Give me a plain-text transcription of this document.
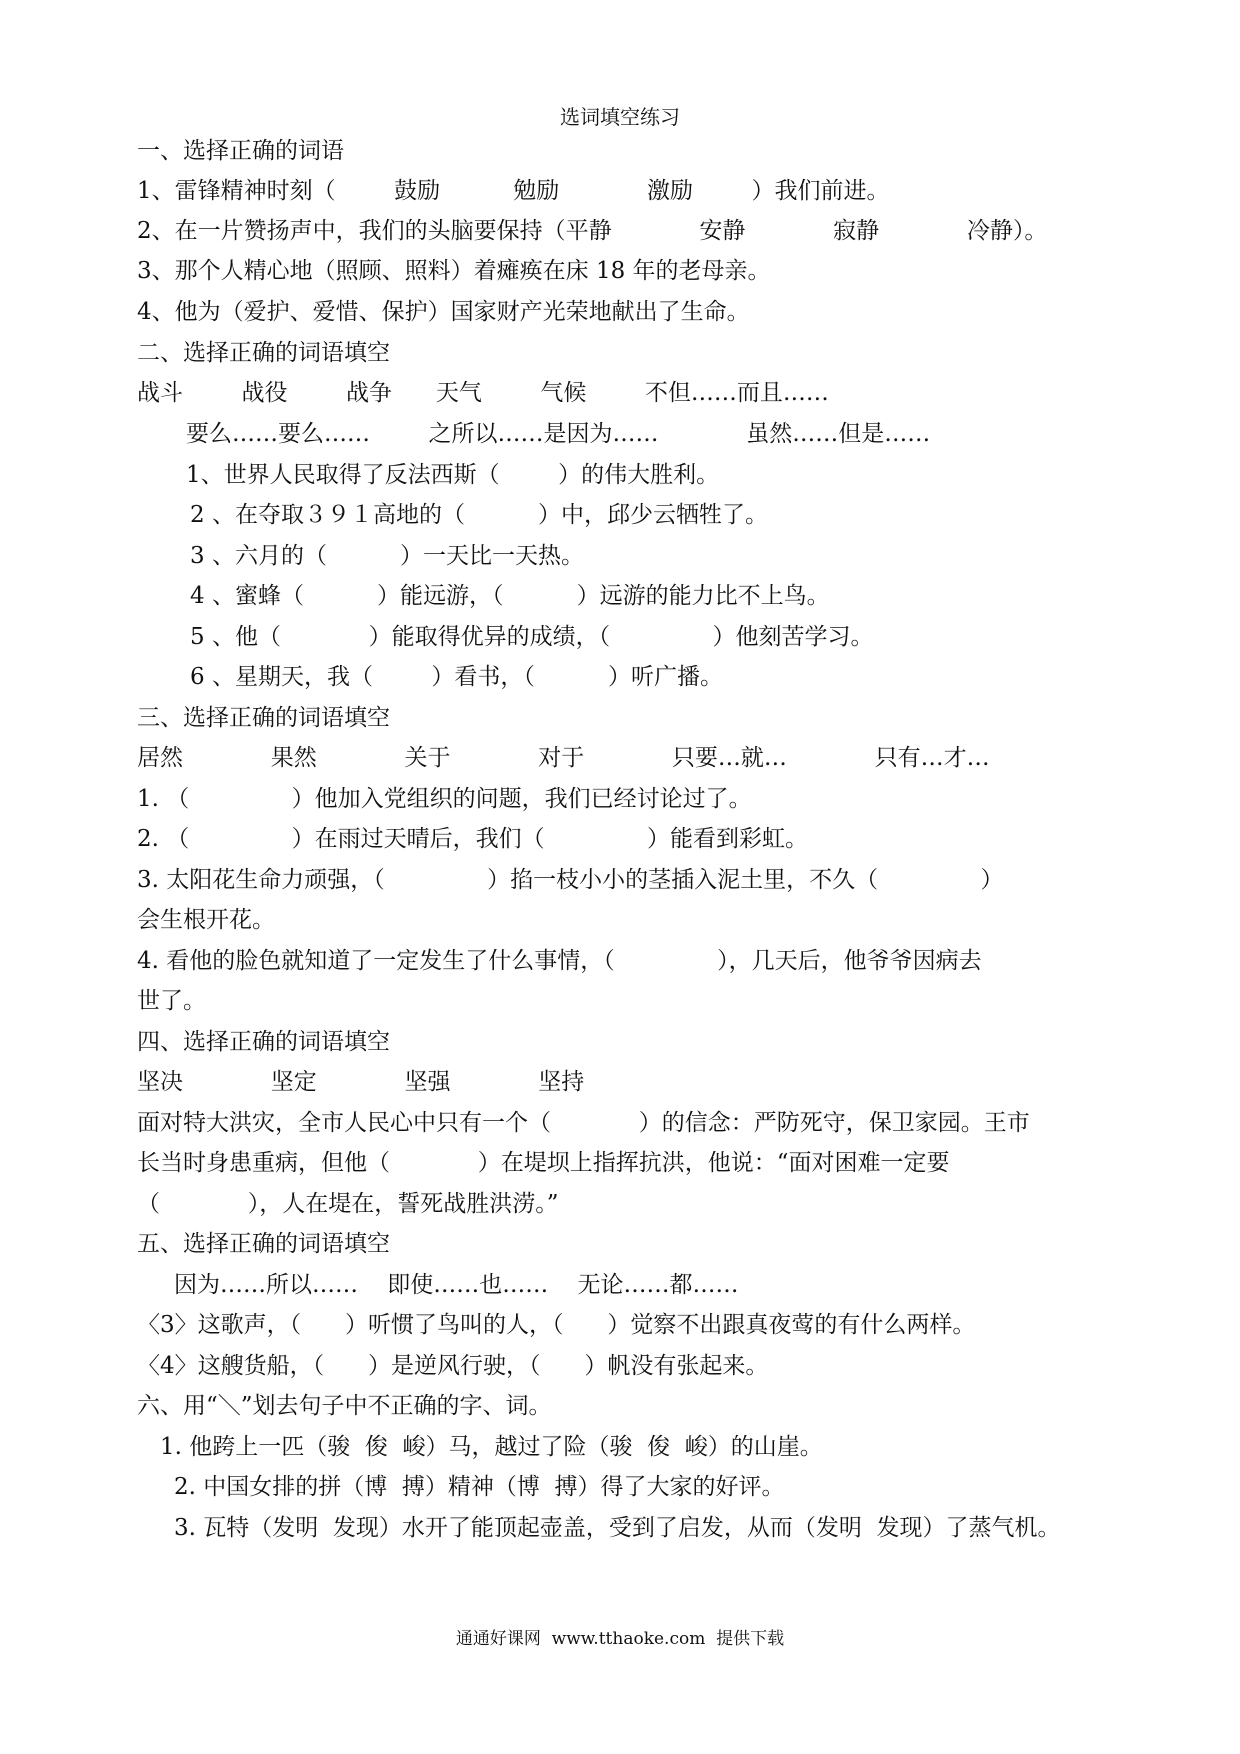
选词填空练习
一、选择正确的词语
1、雷锋精神时刻（        鼓励          勉励            激励        ）我们前进。
2、在一片赞扬声中，我们的头脑要保持（平静            安静            寂静            冷静）。
3、那个人精心地（照顾、照料）着瘫痪在床 18 年的老母亲。
4、他为（爱护、爱惜、保护）国家财产光荣地献出了生命。
二、选择正确的词语填空
战斗        战役        战争      天气        气候        不但……而且……
要么……要么……        之所以……是因为……            虽然……但是……
1、世界人民取得了反法西斯（        ）的伟大胜利。
2 、在夺取３９１高地的（          ）中，邱少云牺牲了。
3 、六月的（          ）一天比一天热。
4 、蜜蜂（          ）能远游，（          ）远游的能力比不上鸟。
5 、他（            ）能取得优异的成绩，（              ）他刻苦学习。
6 、星期天，我（        ）看书，（          ）听广播。
三、选择正确的词语填空
居然            果然            关于            对于            只要…就…            只有…才…
1. （              ）他加入党组织的问题，我们已经讨论过了。
2. （              ）在雨过天晴后，我们（              ）能看到彩虹。
3. 太阳花生命力顽强，（              ）掐一枝小小的茎插入泥土里，不久（              ）
会生根开花。
4. 看他的脸色就知道了一定发生了什么事情，（              ），几天后，他爷爷因病去
世了。
四、选择正确的词语填空
坚决            坚定            坚强            坚持
面对特大洪灾，全市人民心中只有一个（            ）的信念：严防死守，保卫家园。王市
长当时身患重病，但他（            ）在堤坝上指挥抗洪，他说：“面对困难一定要
（            ），人在堤在，誓死战胜洪涝。”
五、选择正确的词语填空
因为……所以……    即使……也……    无论……都……
〈3〉这歌声，（      ）听惯了鸟叫的人，（      ）觉察不出跟真夜莺的有什么两样。
〈4〉这艘货船，（      ）是逆风行驶，（      ）帆没有张起来。
六、用“＼”划去句子中不正确的字、词。
1. 他跨上一匹（骏  俊  峻）马，越过了险（骏  俊  峻）的山崖。
2. 中国女排的拼（博  搏）精神（博  搏）得了大家的好评。
3. 瓦特（发明  发现）水开了能顶起壶盖，受到了启发，从而（发明  发现）了蒸气机。
通通好课网  www.tthaoke.com  提供下载
